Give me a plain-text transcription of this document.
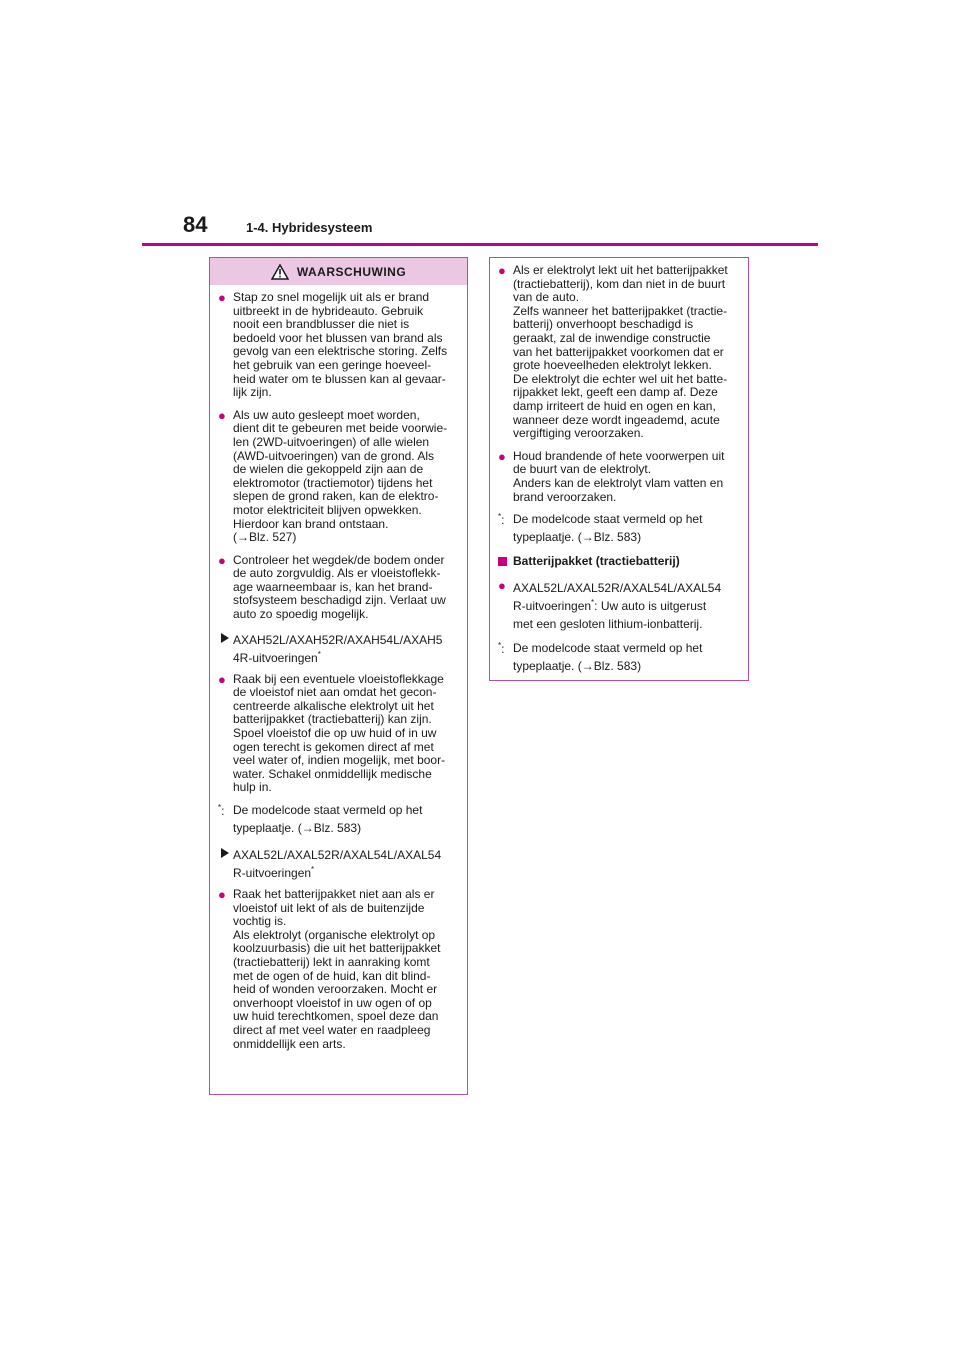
84	1-4. Hybridesysteem
WAARSCHUWING
● Stap zo snel mogelijk uit als er brand
uitbreekt in de hybrideauto. Gebruik
nooit een brandblusser die niet is
bedoeld voor het blussen van brand als
gevolg van een elektrische storing. Zelfs
het gebruik van een geringe hoeveel-
heid water om te blussen kan al gevaar-
lijk zijn.
● Als uw auto gesleept moet worden,
dient dit te gebeuren met beide voorwie-
len (2WD-uitvoeringen) of alle wielen
(AWD-uitvoeringen) van de grond. Als
de wielen die gekoppeld zijn aan de
elektromotor (tractiemotor) tijdens het
slepen de grond raken, kan de elektro-
motor elektriciteit blijven opwekken.
Hierdoor kan brand ontstaan.
(→Blz. 527)
● Controleer het wegdek/de bodem onder
de auto zorgvuldig. Als er vloeistoflekk-
age waarneembaar is, kan het brand-
stofsysteem beschadigd zijn. Verlaat uw
auto zo spoedig mogelijk.
AXAH52L/AXAH52R/AXAH54L/AXAH5
4R-uitvoeringen*
● Raak bij een eventuele vloeistoflekkage
de vloeistof niet aan omdat het gecon-
centreerde alkalische elektrolyt uit het
batterijpakket (tractiebatterij) kan zijn.
Spoel vloeistof die op uw huid of in uw
ogen terecht is gekomen direct af met
veel water of, indien mogelijk, met boor-
water. Schakel onmiddellijk medische
hulp in.
*: De modelcode staat vermeld op het
typeplaatje. (→Blz. 583)
AXAL52L/AXAL52R/AXAL54L/AXAL54
R-uitvoeringen*
● Raak het batterijpakket niet aan als er
vloeistof uit lekt of als de buitenzijde
vochtig is.
Als elektrolyt (organische elektrolyt op
koolzuurbasis) die uit het batterijpakket
(tractiebatterij) lekt in aanraking komt
met de ogen of de huid, kan dit blind-
heid of wonden veroorzaken. Mocht er
onverhoopt vloeistof in uw ogen of op
uw huid terechtkomen, spoel deze dan
direct af met veel water en raadpleeg
onmiddellijk een arts.
● Als er elektrolyt lekt uit het batterijpakket
(tractiebatterij), kom dan niet in de buurt
van de auto.
Zelfs wanneer het batterijpakket (tractie-
batterij) onverhoopt beschadigd is
geraakt, zal de inwendige constructie
van het batterijpakket voorkomen dat er
grote hoeveelheden elektrolyt lekken.
De elektrolyt die echter wel uit het batte-
rijpakket lekt, geeft een damp af. Deze
damp irriteert de huid en ogen en kan,
wanneer deze wordt ingeademd, acute
vergiftiging veroorzaken.
● Houd brandende of hete voorwerpen uit
de buurt van de elektrolyt.
Anders kan de elektrolyt vlam vatten en
brand veroorzaken.
*: De modelcode staat vermeld op het
typeplaatje. (→Blz. 583)
Batterijpakket (tractiebatterij)
● AXAL52L/AXAL52R/AXAL54L/AXAL54
R-uitvoeringen*: Uw auto is uitgerust
met een gesloten lithium-ionbatterij.
*: De modelcode staat vermeld op het
typeplaatje. (→Blz. 583)
